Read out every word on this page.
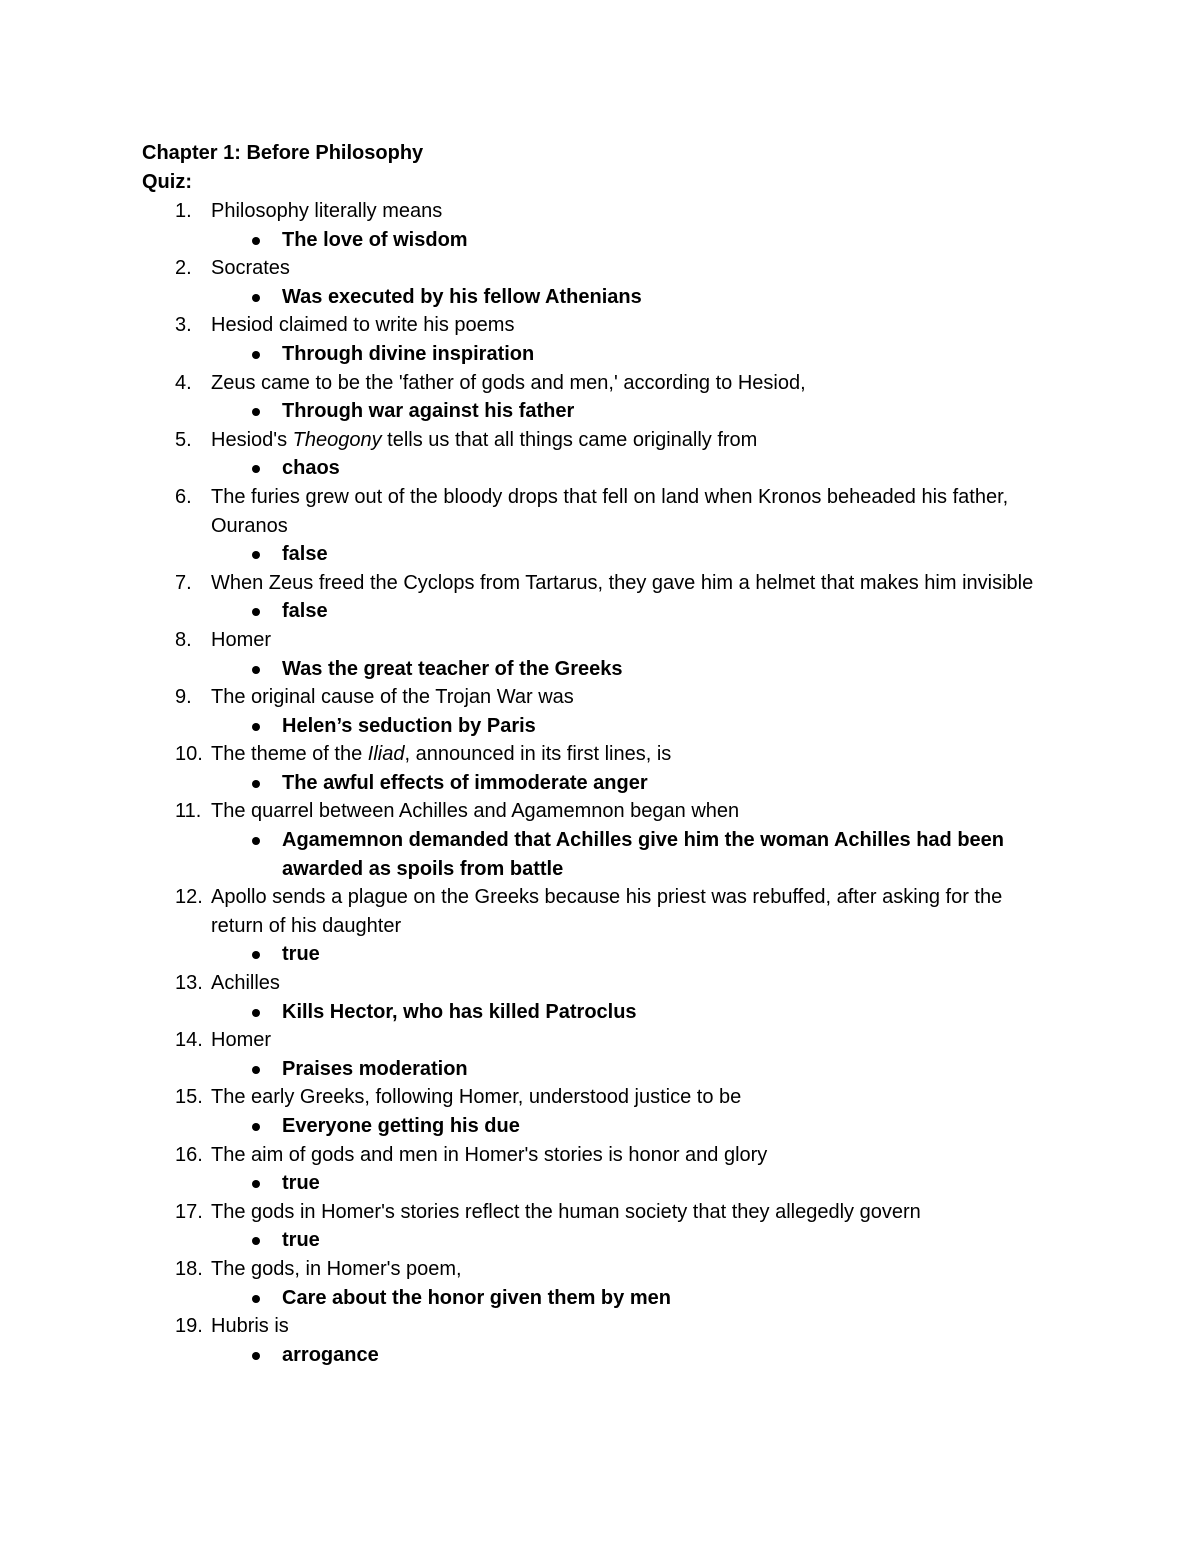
Chapter 1: Before Philosophy

Quiz:

1. Philosophy literally means
The love of wisdom
2. Socrates
Was executed by his fellow Athenians
3. Hesiod claimed to write his poems
Through divine inspiration
4. Zeus came to be the 'father of gods and men,' according to Hesiod,
Through war against his father
5. Hesiod's Theogony tells us that all things came originally from
chaos
6. The furies grew out of the bloody drops that fell on land when Kronos beheaded his father, Ouranos
false
7. When Zeus freed the Cyclops from Tartarus, they gave him a helmet that makes him invisible
false
8. Homer
Was the great teacher of the Greeks
9. The original cause of the Trojan War was
Helen’s seduction by Paris
10. The theme of the Iliad, announced in its first lines, is
The awful effects of immoderate anger
11. The quarrel between Achilles and Agamemnon began when
Agamemnon demanded that Achilles give him the woman Achilles had been awarded as spoils from battle
12. Apollo sends a plague on the Greeks because his priest was rebuffed, after asking for the return of his daughter
true
13. Achilles
Kills Hector, who has killed Patroclus
14. Homer
Praises moderation
15. The early Greeks, following Homer, understood justice to be
Everyone getting his due
16. The aim of gods and men in Homer's stories is honor and glory
true
17. The gods in Homer's stories reflect the human society that they allegedly govern
true
18. The gods, in Homer's poem,
Care about the honor given them by men
19. Hubris is
arrogance
